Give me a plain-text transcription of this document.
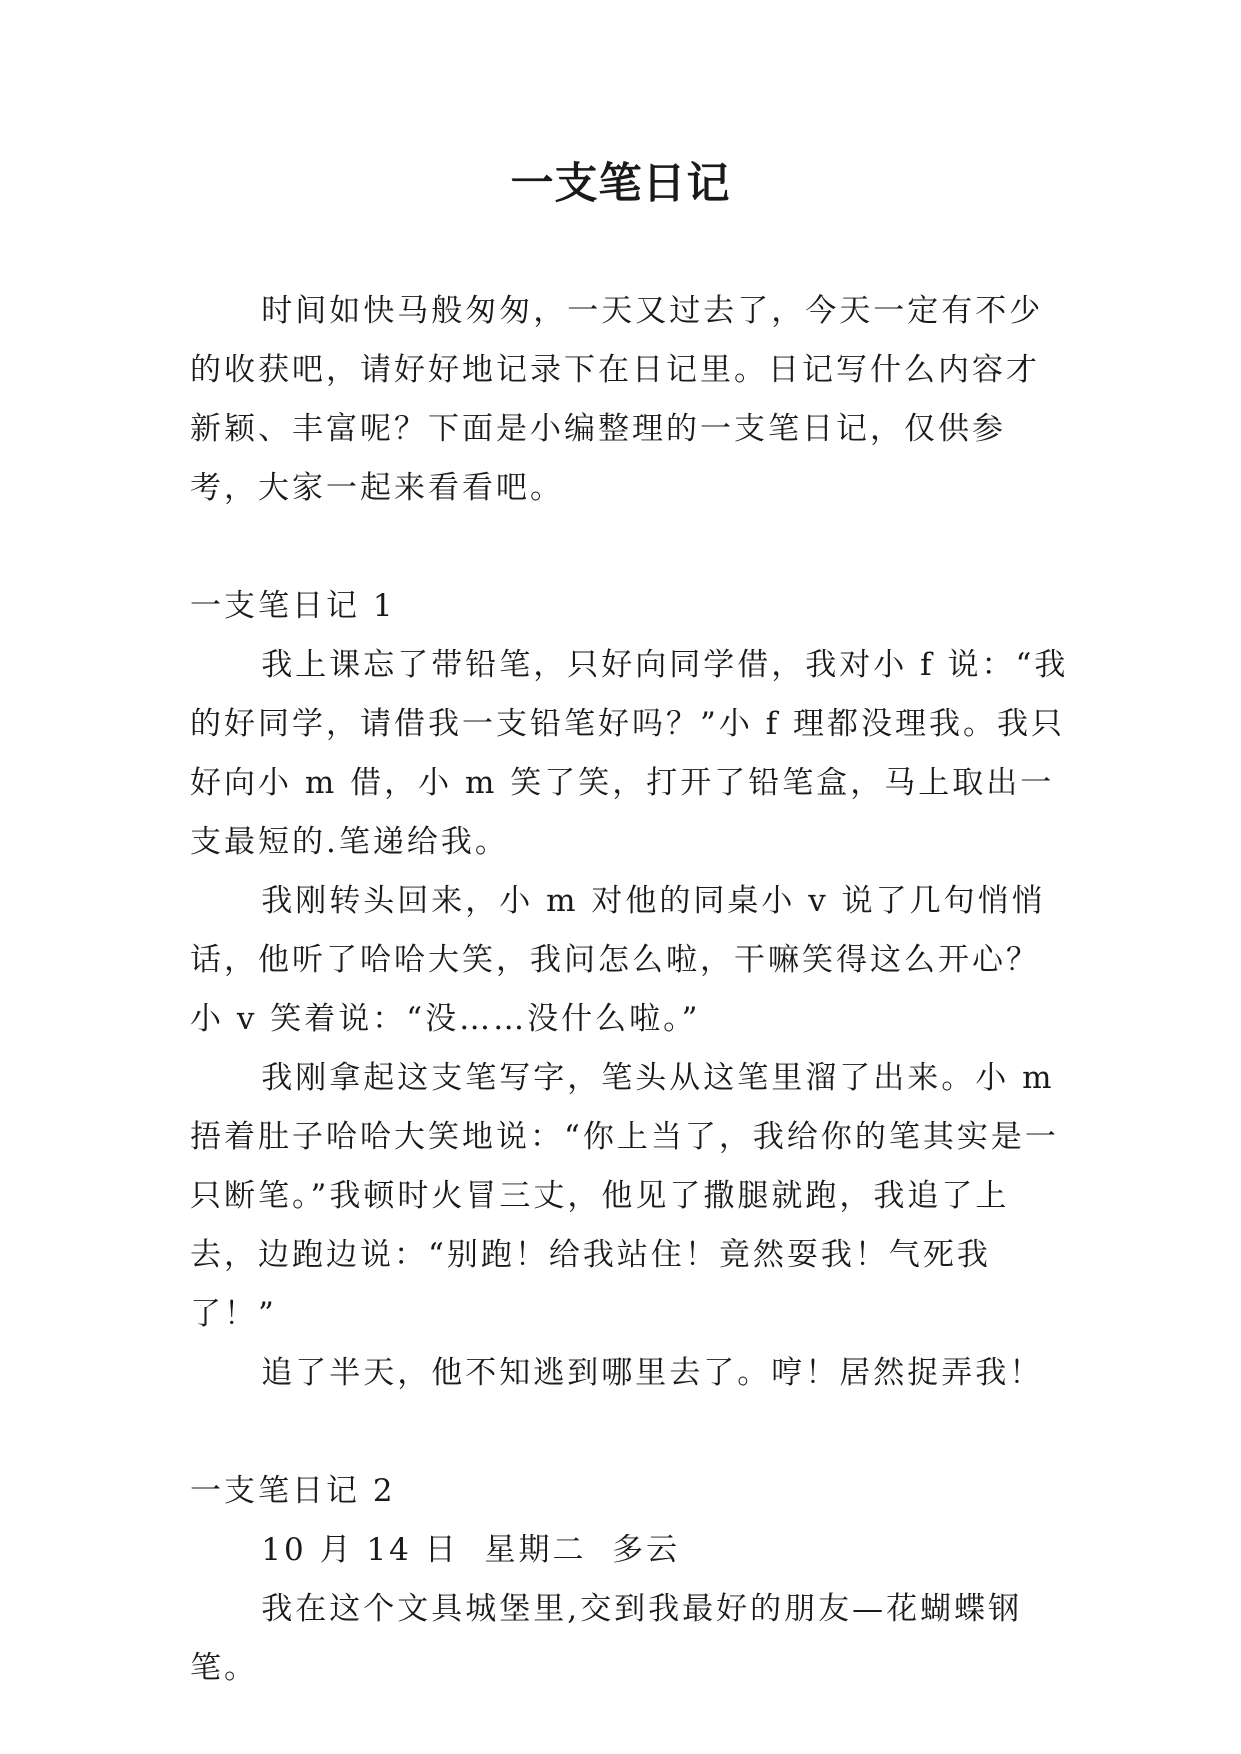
一支笔日记

时间如快马般匆匆，一天又过去了，今天一定有不少的收获吧，请好好地记录下在日记里。日记写什么内容才新颖、丰富呢？下面是小编整理的一支笔日记，仅供参考，大家一起来看看吧。

一支笔日记 1

我上课忘了带铅笔，只好向同学借，我对小 f 说：“我的好同学，请借我一支铅笔好吗？”小 f 理都没理我。我只好向小 m 借，小 m 笑了笑，打开了铅笔盒，马上取出一支最短的.笔递给我。

我刚转头回来，小 m 对他的同桌小 v 说了几句悄悄话，他听了哈哈大笑，我问怎么啦，干嘛笑得这么开心？小 v 笑着说：“没……没什么啦。”

我刚拿起这支笔写字，笔头从这笔里溜了出来。小 m 捂着肚子哈哈大笑地说：“你上当了，我给你的笔其实是一只断笔。”我顿时火冒三丈，他见了撒腿就跑，我追了上去，边跑边说：“别跑！给我站住！竟然耍我！气死我了！”

追了半天，他不知逃到哪里去了。哼！居然捉弄我！

一支笔日记 2

10 月 14 日  星期二  多云

我在这个文具城堡里,交到我最好的朋友—花蝴蝶钢笔。
